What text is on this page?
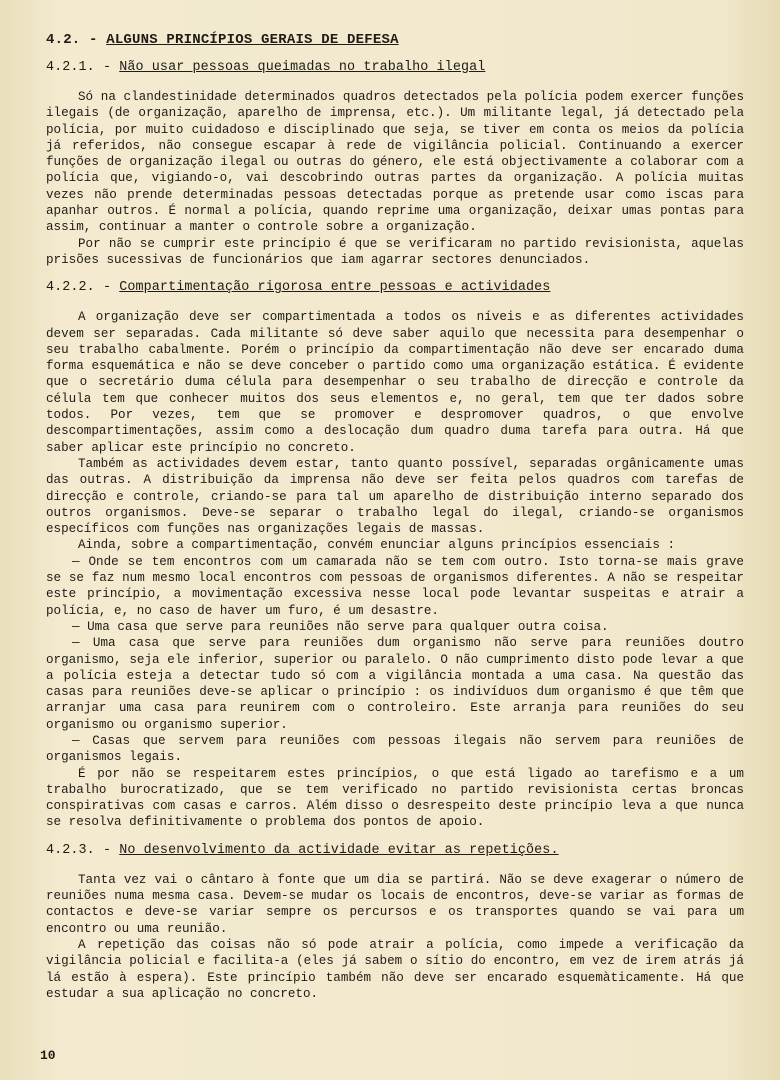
4.2. - ALGUNS PRINCÍPIOS GERAIS DE DEFESA
4.2.1. - Não usar pessoas queimadas no trabalho ilegal

Só na clandestinidade determinados quadros detectados pela polícia podem exercer funções ilegais (de organização, aparelho de imprensa, etc.). Um militante legal, já detectado pela polícia, por muito cuidadoso e disciplinado que seja, se tiver em conta os meios da polícia já referidos, não consegue escapar à rede de vigilância policial. Continuando a exercer funções de organização ilegal ou outras do género, ele está objectivamente a colaborar com a polícia que, vigiando-o, vai descobrindo outras partes da organização. A polícia muitas vezes não prende determinadas pessoas detectadas porque as pretende usar como iscas para apanhar outros. É normal a polícia, quando reprime uma organização, deixar umas pontas para assim, continuar a manter o controle sobre a organização.

Por não se cumprir este princípio é que se verificaram no partido revisionista, aquelas prisões sucessivas de funcionários que iam agarrar sectores denunciados.

4.2.2. - Compartimentação rigorosa entre pessoas e actividades

A organização deve ser compartimentada a todos os níveis e as diferentes actividades devem ser separadas. Cada militante só deve saber aquilo que necessita para desempenhar o seu trabalho cabalmente. Porém o princípio da compartimentação não deve ser encarado duma forma esquemática e não se deve conceber o partido como uma organização estática. É evidente que o secretário duma célula para desempenhar o seu trabalho de direcção e controle da célula tem que conhecer muitos dos seus elementos e, no geral, tem que ter dados sobre todos. Por vezes, tem que se promover e despromover quadros, o que envolve descompartimentações, assim como a deslocação dum quadro duma tarefa para outra. Há que saber aplicar este princípio no concreto.

Também as actividades devem estar, tanto quanto possível, separadas orgânicamente umas das outras. A distribuição da imprensa não deve ser feita pelos quadros com tarefas de direcção e controle, criando-se para tal um aparelho de distribuição interno separado dos outros organismos. Deve-se separar o trabalho legal do ilegal, criando-se organismos específicos com funções nas organizações legais de massas.

Ainda, sobre a compartimentação, convém enunciar alguns princípios essenciais :

— Onde se tem encontros com um camarada não se tem com outro. Isto torna-se mais grave se se faz num mesmo local encontros com pessoas de organismos diferentes. A não se respeitar este princípio, a movimentação excessiva nesse local pode levantar suspeitas e atrair a polícia, e, no caso de haver um furo, é um desastre.

— Uma casa que serve para reuniões não serve para qualquer outra coisa.

— Uma casa que serve para reuniões dum organismo não serve para reuniões doutro organismo, seja ele inferior, superior ou paralelo. O não cumprimento disto pode levar a que a polícia esteja a detectar tudo só com a vigilância montada a uma casa. Na questão das casas para reuniões deve-se aplicar o princípio : os indivíduos dum organismo é que têm que arranjar uma casa para reunirem com o controleiro. Este arranja para reuniões do seu organismo ou organismo superior.

— Casas que servem para reuniões com pessoas ilegais não servem para reuniões de organismos legais.

É por não se respeitarem estes princípios, o que está ligado ao tarefismo e a um trabalho burocratizado, que se tem verificado no partido revisionista certas broncas conspirativas com casas e carros. Além disso o desrespeito deste princípio leva a que nunca se resolva definitivamente o problema dos pontos de apoio.

4.2.3. - No desenvolvimento da actividade evitar as repetições.

Tanta vez vai o cântaro à fonte que um dia se partirá. Não se deve exagerar o número de reuniões numa mesma casa. Devem-se mudar os locais de encontros, deve-se variar as formas de contactos e deve-se variar sempre os percursos e os transportes quando se vai para um encontro ou uma reunião.

A repetição das coisas não só pode atrair a polícia, como impede a verificação da vigilância policial e facilita-a (eles já sabem o sítio do encontro, em vez de irem atrás já lá estão à espera). Este princípio também não deve ser encarado esquemàticamente. Há que estudar a sua aplicação no concreto.

10
